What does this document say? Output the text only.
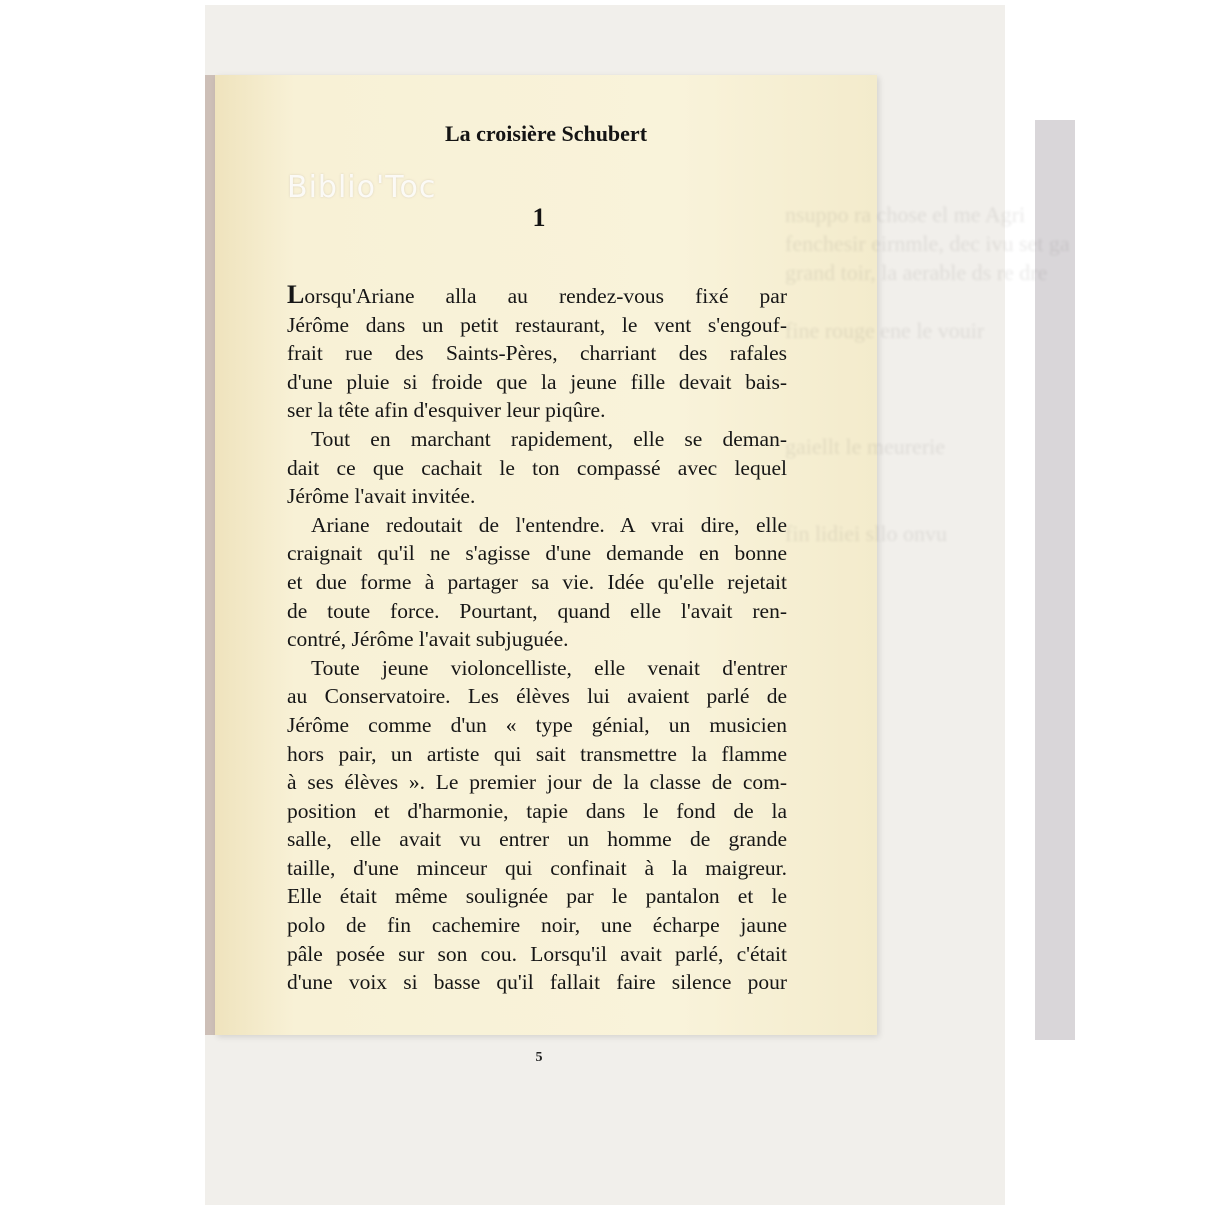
nsuppo ra chose el me Agri
fenchesir eirnmle, dec ivu set ga
grand toir, la aerable ds re dre

fine rouge ene le vouir

meurerie

sllo onvu
La croisière Schubert
Biblio'Toc
1
Lorsqu'Ariane alla au rendez-vous fixé par
Jérôme dans un petit restaurant, le vent s'engouf-
frait rue des Saints-Pères, charriant des rafales
d'une pluie si froide que la jeune fille devait bais-
ser la tête afin d'esquiver leur piqûre.
Tout en marchant rapidement, elle se deman-
dait ce que cachait le ton compassé avec lequel
Jérôme l'avait invitée.
Ariane redoutait de l'entendre. A vrai dire, elle
craignait qu'il ne s'agisse d'une demande en bonne
et due forme à partager sa vie. Idée qu'elle rejetait
de toute force. Pourtant, quand elle l'avait ren-
contré, Jérôme l'avait subjuguée.
Toute jeune violoncelliste, elle venait d'entrer
au Conservatoire. Les élèves lui avaient parlé de
Jérôme comme d'un « type génial, un musicien
hors pair, un artiste qui sait transmettre la flamme
à ses élèves ». Le premier jour de la classe de com-
position et d'harmonie, tapie dans le fond de la
salle, elle avait vu entrer un homme de grande
taille, d'une minceur qui confinait à la maigreur.
Elle était même soulignée par le pantalon et le
polo de fin cachemire noir, une écharpe jaune
pâle posée sur son cou. Lorsqu'il avait parlé, c'était
d'une voix si basse qu'il fallait faire silence pour
5
